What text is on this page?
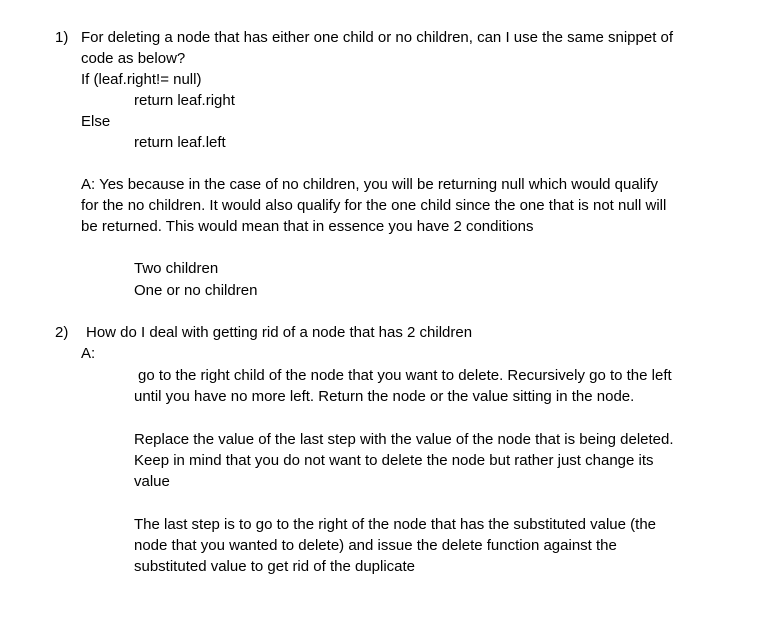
1) For deleting a node that has either one child or no children, can I use the same snippet of
code as below?
If (leaf.right!= null)
return leaf.right
Else
return leaf.left
A: Yes because in the case of no children, you will be returning null which would qualify
for the no children. It would also qualify for the one child since the one that is not null will
be returned. This would mean that in essence you have 2 conditions
Two children
One or no children
2) How do I deal with getting rid of a node that has 2 children
A:
go to the right child of the node that you want to delete. Recursively go to the left
until you have no more left. Return the node or the value sitting in the node.
Replace the value of the last step with the value of the node that is being deleted.
Keep in mind that you do not want to delete the node but rather just change its
value
The last step is to go to the right of the node that has the substituted value (the
node that you wanted to delete) and issue the delete function against the
substituted value to get rid of the duplicate
